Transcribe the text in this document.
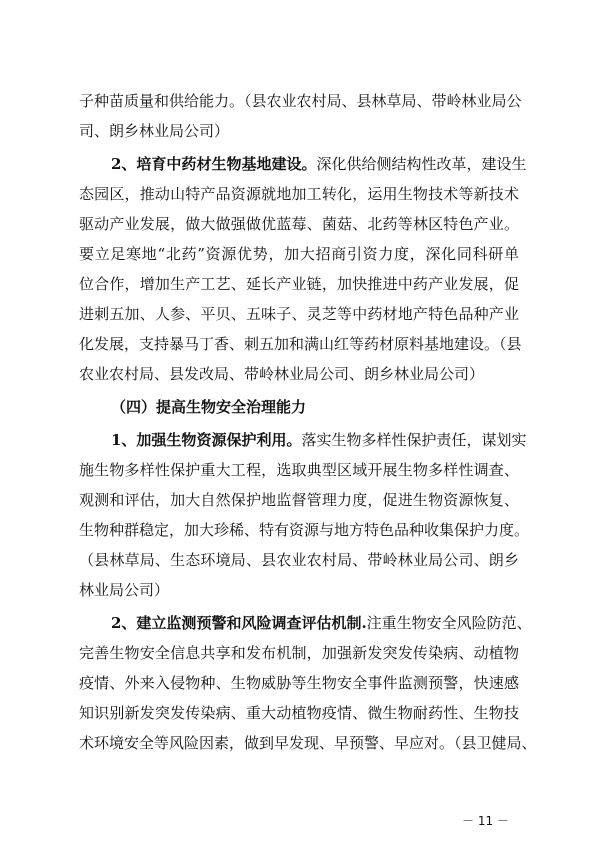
子种苗质量和供给能力。（县农业农村局、县林草局、带岭林业局公
司、朗乡林业局公司）
2、培育中药材生物基地建设。深化供给侧结构性改革，建设生
态园区，推动山特产品资源就地加工转化，运用生物技术等新技术
驱动产业发展，做大做强做优蓝莓、菌菇、北药等林区特色产业。
要立足寒地“北药”资源优势，加大招商引资力度，深化同科研单
位合作，增加生产工艺、延长产业链，加快推进中药产业发展，促
进刺五加、人参、平贝、五味子、灵芝等中药材地产特色品种产业
化发展，支持暴马丁香、刺五加和满山红等药材原料基地建设。（县
农业农村局、县发改局、带岭林业局公司、朗乡林业局公司）
（四）提高生物安全治理能力
1、加强生物资源保护利用。落实生物多样性保护责任，谋划实
施生物多样性保护重大工程，选取典型区域开展生物多样性调查、
观测和评估，加大自然保护地监督管理力度，促进生物资源恢复、
生物种群稳定，加大珍稀、特有资源与地方特色品种收集保护力度。
（县林草局、生态环境局、县农业农村局、带岭林业局公司、朗乡
林业局公司）
2、建立监测预警和风险调查评估机制.注重生物安全风险防范、
完善生物安全信息共享和发布机制，加强新发突发传染病、动植物
疫情、外来入侵物种、生物威胁等生物安全事件监测预警，快速感
知识别新发突发传染病、重大动植物疫情、微生物耐药性、生物技
术环境安全等风险因素，做到早发现、早预警、早应对。（县卫健局、
－ 11 －
